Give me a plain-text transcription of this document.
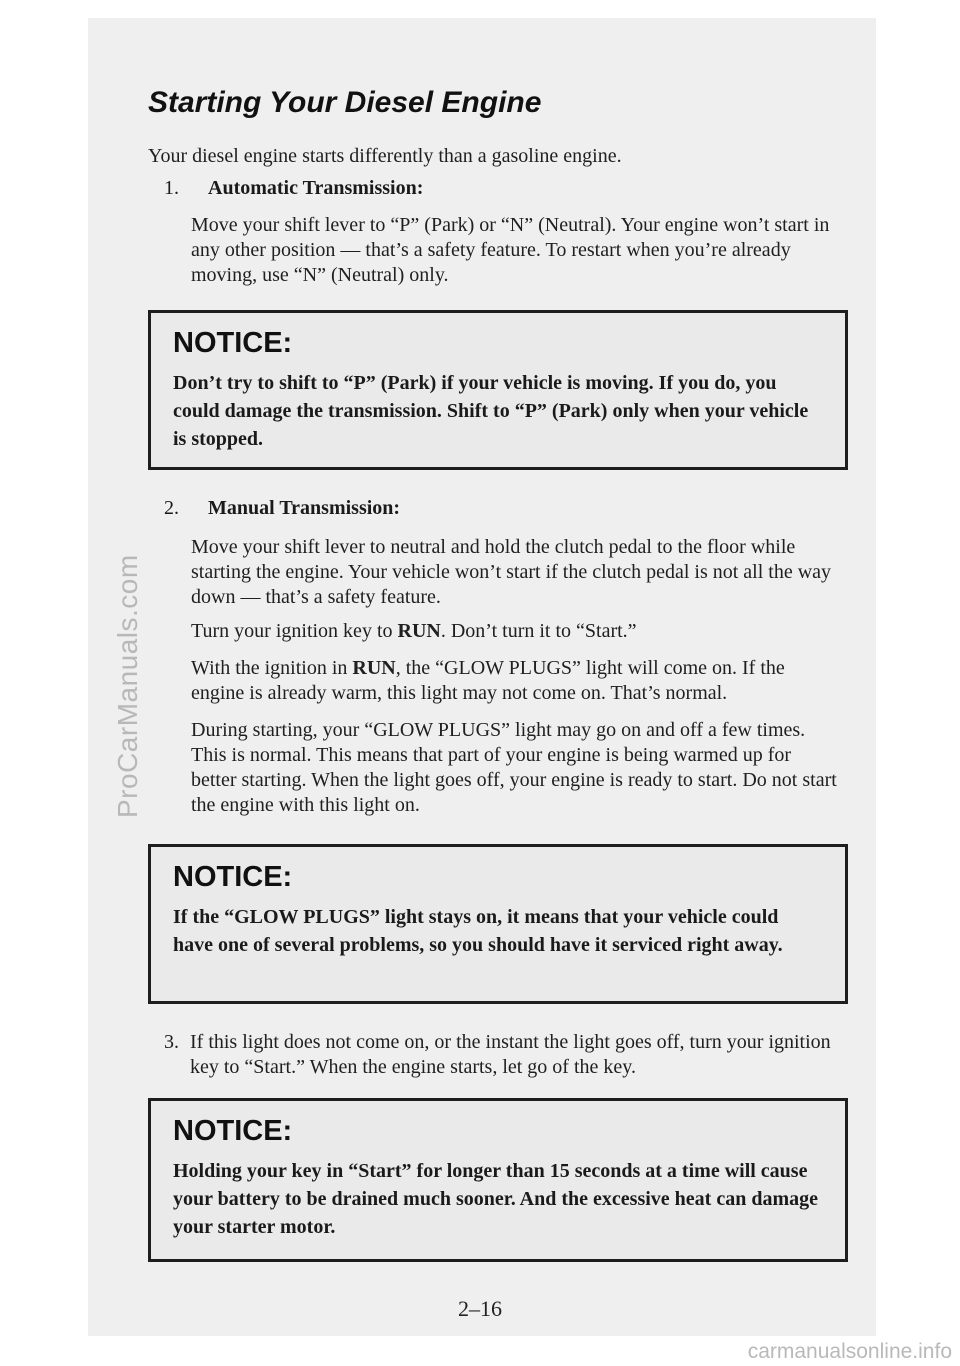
ProCarManuals.com
carmanualsonline.info
Starting Your Diesel Engine

Your diesel engine starts differently than a gasoline engine.

1. Automatic Transmission:

Move your shift lever to “P” (Park) or “N” (Neutral). Your engine won’t start in any other position — that’s a safety feature. To restart when you’re already moving, use “N” (Neutral) only.

NOTICE:

Don’t try to shift to “P” (Park) if your vehicle is moving. If you do, you could damage the transmission. Shift to “P” (Park) only when your vehicle is stopped.

2. Manual Transmission:

Move your shift lever to neutral and hold the clutch pedal to the floor while starting the engine. Your vehicle won’t start if the clutch pedal is not all the way down — that’s a safety feature.

Turn your ignition key to RUN. Don’t turn it to “Start.”

With the ignition in RUN, the “GLOW PLUGS” light will come on. If the engine is already warm, this light may not come on. That’s normal.

During starting, your “GLOW PLUGS” light may go on and off a few times. This is normal. This means that part of your engine is being warmed up for better starting. When the light goes off, your engine is ready to start. Do not start the engine with this light on.

NOTICE:

If the “GLOW PLUGS” light stays on, it means that your vehicle could have one of several problems, so you should have it serviced right away.

3. If this light does not come on, or the instant the light goes off, turn your ignition key to “Start.” When the engine starts, let go of the key.

NOTICE:

Holding your key in “Start” for longer than 15 seconds at a time will cause your battery to be drained much sooner. And the excessive heat can damage your starter motor.

2–16
